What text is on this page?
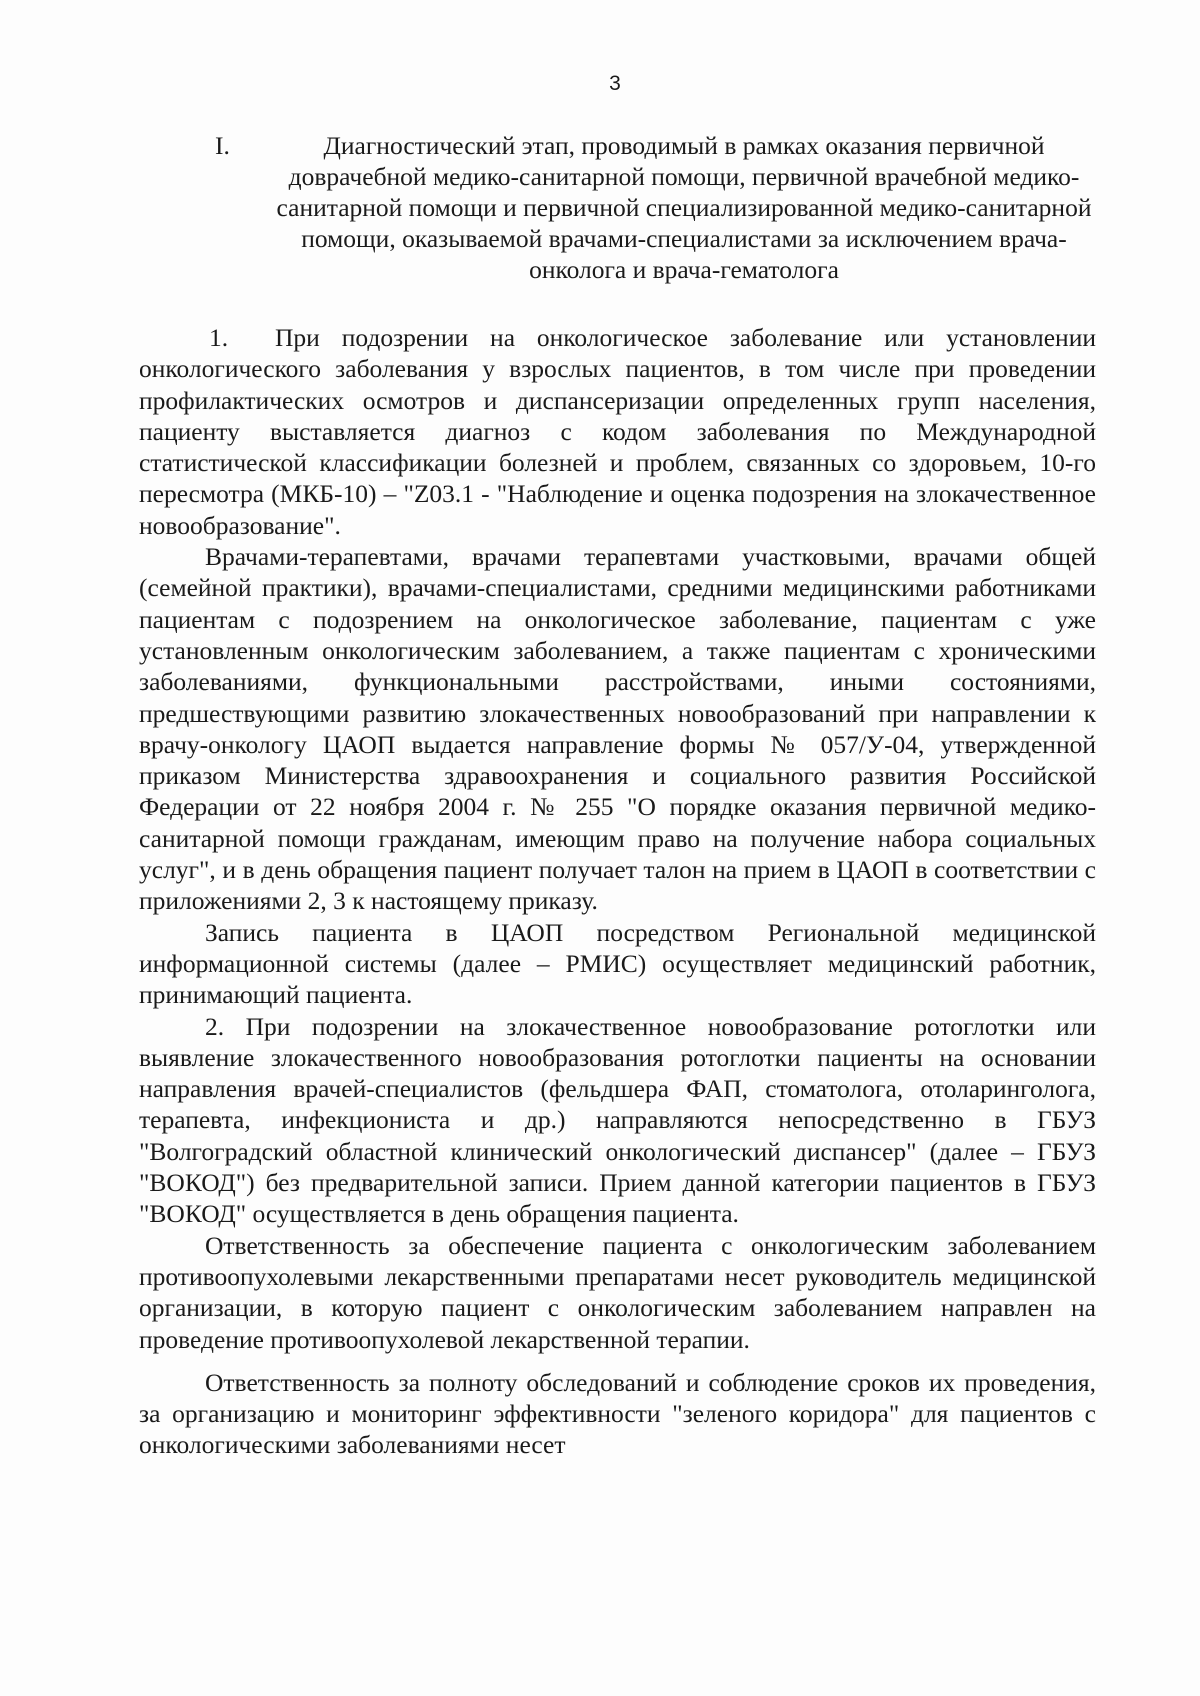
3
I.	Диагностический этап, проводимый в рамках оказания первичной доврачебной медико-санитарной помощи, первичной врачебной медико-санитарной помощи и первичной специализированной медико-санитарной помощи, оказываемой врачами-специалистами за исключением врача-онколога и врача-гематолога

1. При подозрении на онкологическое заболевание или установлении онкологического заболевания у взрослых пациентов, в том числе при проведении профилактических осмотров и диспансеризации определенных групп населения, пациенту выставляется диагноз с кодом заболевания по Международной статистической классификации болезней и проблем, связанных со здоровьем, 10-го пересмотра (МКБ-10) – "Z03.1 - "Наблюдение и оценка подозрения на злокачественное новообразование".

Врачами-терапевтами, врачами терапевтами участковыми, врачами общей (семейной практики), врачами-специалистами, средними медицинскими работниками пациентам с подозрением на онкологическое заболевание, пациентам с уже установленным онкологическим заболеванием, а также пациентам с хроническими заболеваниями, функциональными расстройствами, иными состояниями, предшествующими развитию злокачественных новообразований при направлении к врачу-онкологу ЦАОП выдается направление формы № 057/У-04, утвержденной приказом Министерства здравоохранения и социального развития Российской Федерации от 22 ноября 2004 г. № 255 "О порядке оказания первичной медико-санитарной помощи гражданам, имеющим право на получение набора социальных услуг", и в день обращения пациент получает талон на прием в ЦАОП в соответствии с приложениями 2, 3 к настоящему приказу.

Запись пациента в ЦАОП посредством Региональной медицинской информационной системы (далее – РМИС) осуществляет медицинский работник, принимающий пациента.

2. При подозрении на злокачественное новообразование ротоглотки или выявление злокачественного новообразования ротоглотки пациенты на основании направления врачей-специалистов (фельдшера ФАП, стоматолога, отоларинголога, терапевта, инфекциониста и др.) направляются непосредственно в ГБУЗ "Волгоградский областной клинический онкологический диспансер" (далее – ГБУЗ "ВОКОД") без предварительной записи. Прием данной категории пациентов в ГБУЗ "ВОКОД" осуществляется в день обращения пациента.

Ответственность за обеспечение пациента с онкологическим заболеванием противоопухолевыми лекарственными препаратами несет руководитель медицинской организации, в которую пациент с онкологическим заболеванием направлен на проведение противоопухолевой лекарственной терапии.

Ответственность за полноту обследований и соблюдение сроков их проведения, за организацию и мониторинг эффективности "зеленого коридора" для пациентов с онкологическими заболеваниями несет
